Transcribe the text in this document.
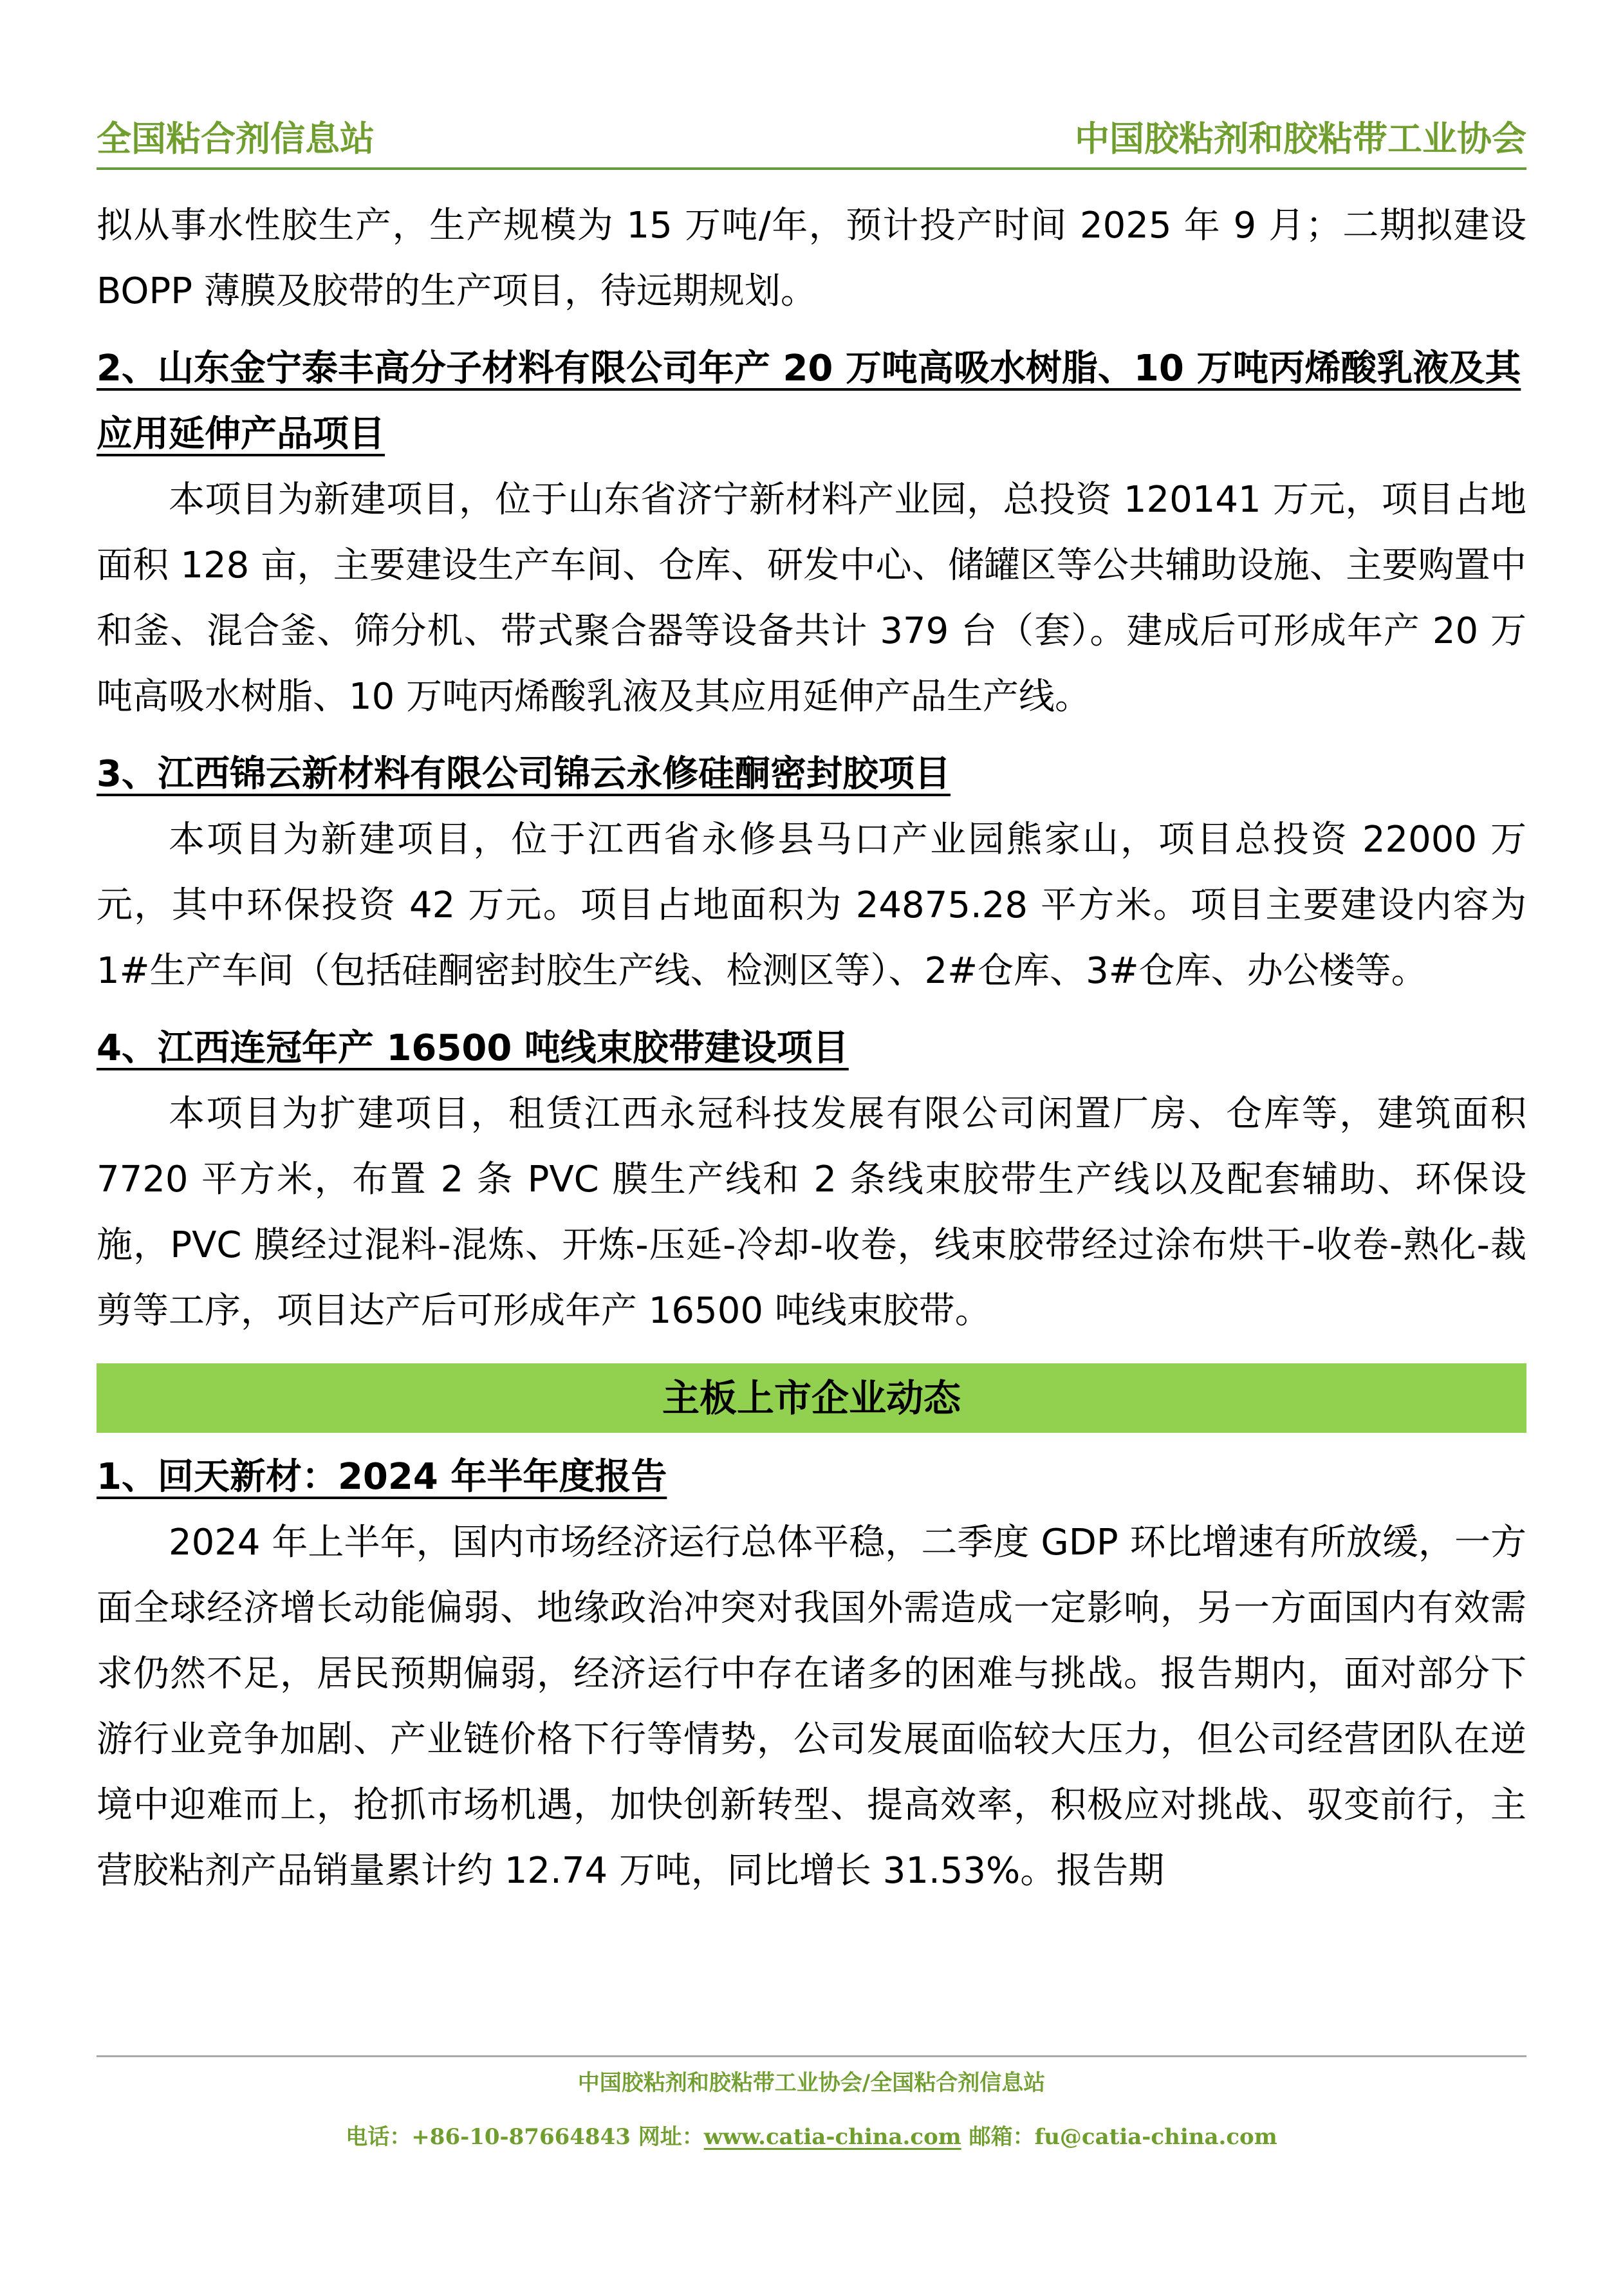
全国粘合剂信息站	中国胶粘剂和胶粘带工业协会

拟从事水性胶生产，生产规模为 15 万吨/年，预计投产时间 2025 年 9 月；二期拟建设 BOPP 薄膜及胶带的生产项目，待远期规划。

2、山东金宁泰丰高分子材料有限公司年产 20 万吨高吸水树脂、10 万吨丙烯酸乳液及其应用延伸产品项目

本项目为新建项目，位于山东省济宁新材料产业园，总投资 120141 万元，项目占地面积 128 亩，主要建设生产车间、仓库、研发中心、储罐区等公共辅助设施、主要购置中和釜、混合釜、筛分机、带式聚合器等设备共计 379 台（套）。建成后可形成年产 20 万吨高吸水树脂、10 万吨丙烯酸乳液及其应用延伸产品生产线。

3、江西锦云新材料有限公司锦云永修硅酮密封胶项目

本项目为新建项目，位于江西省永修县马口产业园熊家山，项目总投资 22000 万元，其中环保投资 42 万元。项目占地面积为 24875.28 平方米。项目主要建设内容为 1#生产车间（包括硅酮密封胶生产线、检测区等）、2#仓库、3#仓库、办公楼等。

4、江西连冠年产 16500 吨线束胶带建设项目

本项目为扩建项目，租赁江西永冠科技发展有限公司闲置厂房、仓库等，建筑面积 7720 平方米，布置 2 条 PVC 膜生产线和 2 条线束胶带生产线以及配套辅助、环保设施，PVC 膜经过混料-混炼、开炼-压延-冷却-收卷，线束胶带经过涂布烘干-收卷-熟化-裁剪等工序，项目达产后可形成年产 16500 吨线束胶带。

主板上市企业动态
1、回天新材：2024 年半年度报告

2024 年上半年，国内市场经济运行总体平稳，二季度 GDP 环比增速有所放缓，一方面全球经济增长动能偏弱、地缘政治冲突对我国外需造成一定影响，另一方面国内有效需求仍然不足，居民预期偏弱，经济运行中存在诸多的困难与挑战。报告期内，面对部分下游行业竞争加剧、产业链价格下行等情势，公司发展面临较大压力，但公司经营团队在逆境中迎难而上，抢抓市场机遇，加快创新转型、提高效率，积极应对挑战、驭变前行，主营胶粘剂产品销量累计约 12.74 万吨，同比增长 31.53%。报告期

中国胶粘剂和胶粘带工业协会/全国粘合剂信息站
电话：+86-10-87664843 网址：www.catia-china.com 邮箱：fu@catia-china.com
